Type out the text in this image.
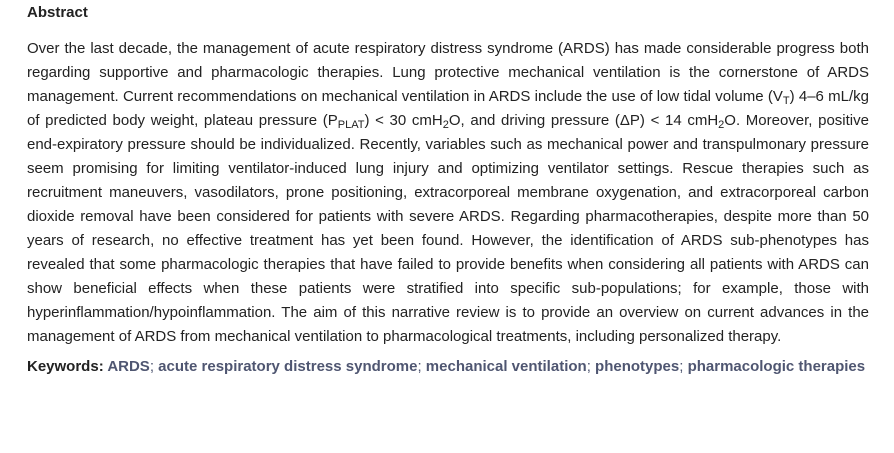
Abstract

Over the last decade, the management of acute respiratory distress syndrome (ARDS) has made considerable progress both regarding supportive and pharmacologic therapies. Lung protective mechanical ventilation is the cornerstone of ARDS management. Current recommendations on mechanical ventilation in ARDS include the use of low tidal volume $(V_T)$ 4–6 mL/kg of predicted body weight, plateau pressure $(P_{PLAT}) < 30$ cmH$_2$O, and driving pressure (ΔP) < 14 cmH$_2$O. Moreover, positive end-expiratory pressure should be individualized. Recently, variables such as mechanical power and transpulmonary pressure seem promising for limiting ventilator-induced lung injury and optimizing ventilator settings. Rescue therapies such as recruitment maneuvers, vasodilators, prone positioning, extracorporeal membrane oxygenation, and extracorporeal carbon dioxide removal have been considered for patients with severe ARDS. Regarding pharmacotherapies, despite more than 50 years of research, no effective treatment has yet been found. However, the identification of ARDS sub-phenotypes has revealed that some pharmacologic therapies that have failed to provide benefits when considering all patients with ARDS can show beneficial effects when these patients were stratified into specific sub-populations; for example, those with hyperinflammation/hypoinflammation. The aim of this narrative review is to provide an overview on current advances in the management of ARDS from mechanical ventilation to pharmacological treatments, including personalized therapy.

Keywords: ARDS; acute respiratory distress syndrome; mechanical ventilation; phenotypes; pharmacologic therapies
